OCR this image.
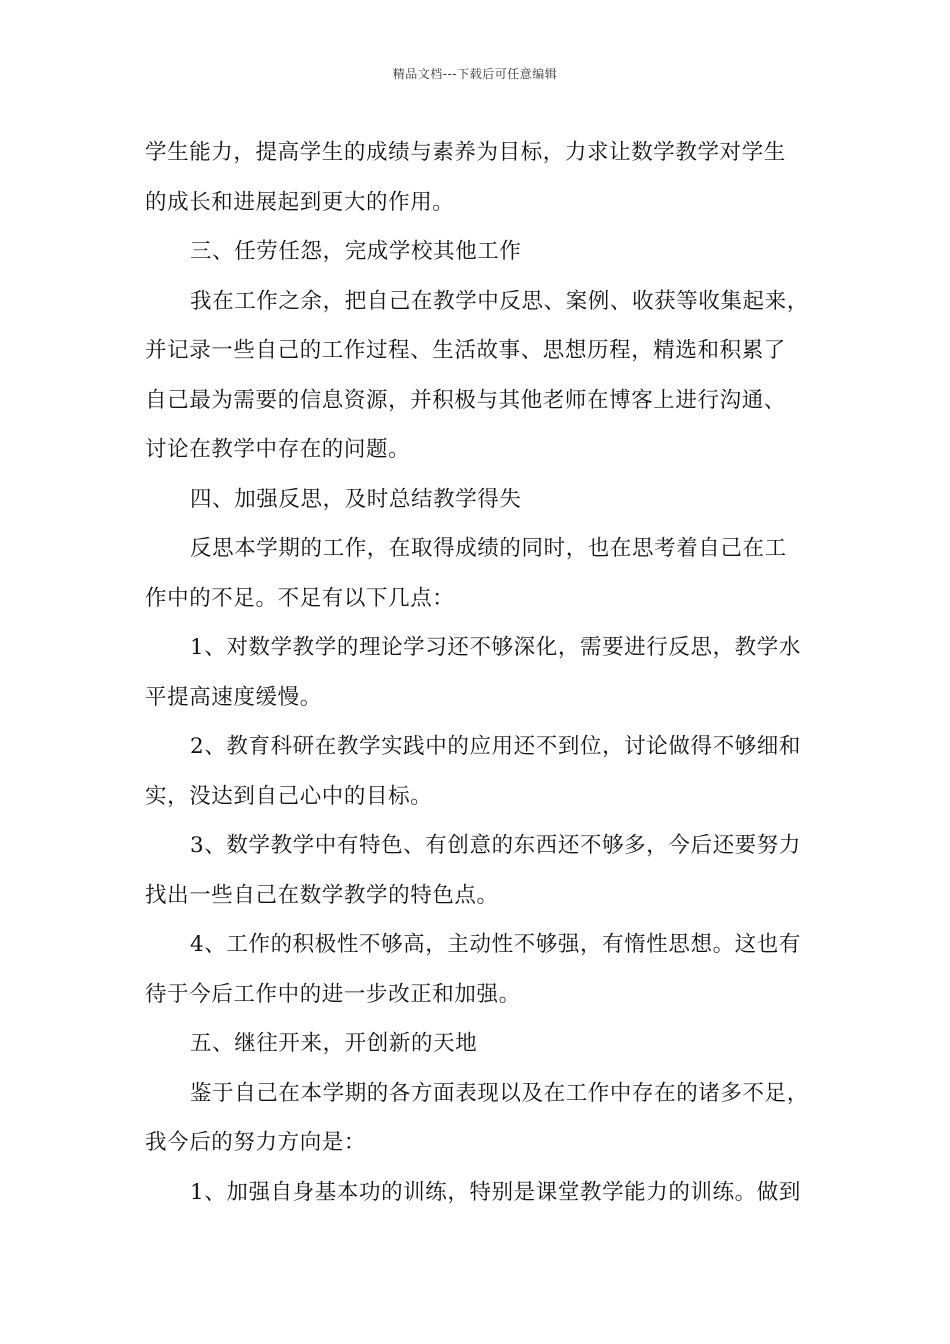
精品文档---下载后可任意编辑
学生能力，提高学生的成绩与素养为目标，力求让数学教学对学生
的成长和进展起到更大的作用。
三、任劳任怨，完成学校其他工作
我在工作之余，把自己在教学中反思、案例、收获等收集起来，
并记录一些自己的工作过程、生活故事、思想历程，精选和积累了
自己最为需要的信息资源，并积极与其他老师在博客上进行沟通、
讨论在教学中存在的问题。
四、加强反思，及时总结教学得失
反思本学期的工作，在取得成绩的同时，也在思考着自己在工
作中的不足。不足有以下几点：
1、对数学教学的理论学习还不够深化，需要进行反思，教学水
平提高速度缓慢。
2、教育科研在教学实践中的应用还不到位，讨论做得不够细和
实，没达到自己心中的目标。
3、数学教学中有特色、有创意的东西还不够多，今后还要努力
找出一些自己在数学教学的特色点。
4、工作的积极性不够高，主动性不够强，有惰性思想。这也有
待于今后工作中的进一步改正和加强。
五、继往开来，开创新的天地
鉴于自己在本学期的各方面表现以及在工作中存在的诸多不足，
我今后的努力方向是：
1、加强自身基本功的训练，特别是课堂教学能力的训练。做到
